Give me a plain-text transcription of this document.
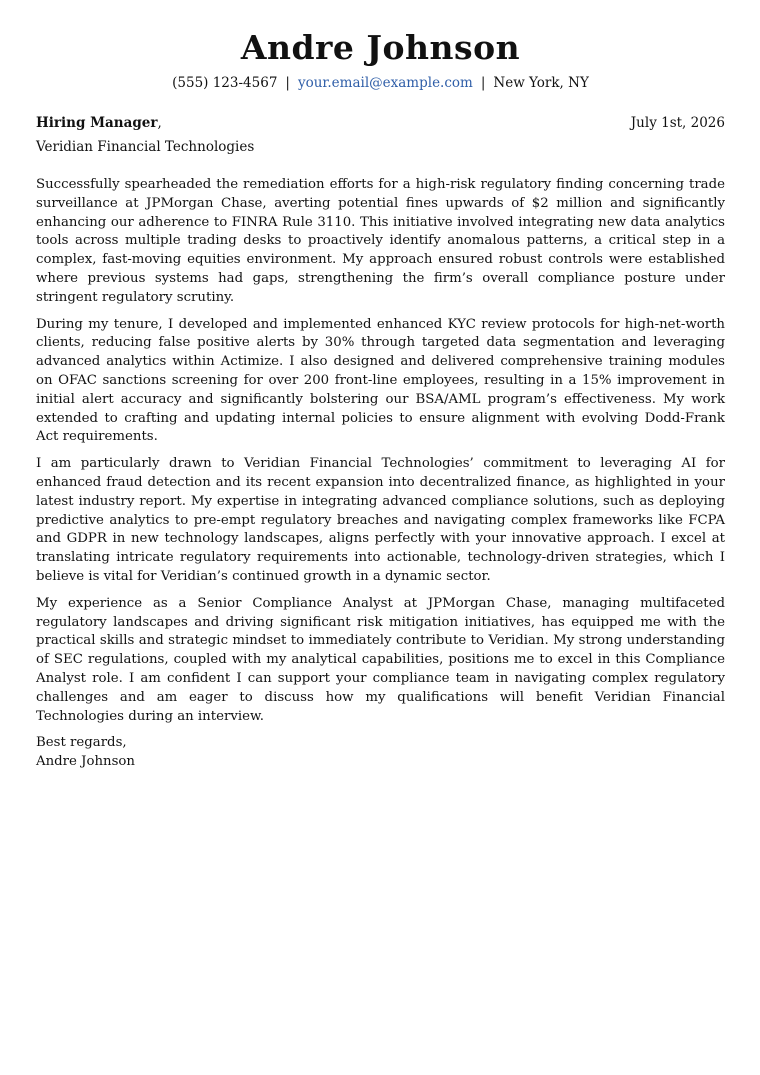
Andre Johnson
(555) 123-4567 | your.email@example.com | New York, NY
Hiring Manager,	July 1st, 2026
Veridian Financial Technologies

Successfully spearheaded the remediation efforts for a high-risk regulatory finding concerning trade surveillance at JPMorgan Chase, averting potential fines upwards of $2 million and significantly enhancing our adherence to FINRA Rule 3110. This initiative involved integrating new data analytics tools across multiple trading desks to proactively identify anomalous patterns, a critical step in a complex, fast-moving equities environment. My approach ensured robust controls were established where previous systems had gaps, strengthening the firm’s overall compliance posture under stringent regulatory scrutiny.

During my tenure, I developed and implemented enhanced KYC review protocols for high-net-worth clients, reducing false positive alerts by 30% through targeted data segmentation and leveraging advanced analytics within Actimize. I also designed and delivered comprehensive training modules on OFAC sanctions screening for over 200 front-line employees, resulting in a 15% improvement in initial alert accuracy and significantly bolstering our BSA/AML program’s effectiveness. My work extended to crafting and updating internal policies to ensure alignment with evolving Dodd-Frank Act requirements.

I am particularly drawn to Veridian Financial Technologies’ commitment to leveraging AI for enhanced fraud detection and its recent expansion into decentralized finance, as highlighted in your latest industry report. My expertise in integrating advanced compliance solutions, such as deploying predictive analytics to pre-empt regulatory breaches and navigating complex frameworks like FCPA and GDPR in new technology landscapes, aligns perfectly with your innovative approach. I excel at translating intricate regulatory requirements into actionable, technology-driven strategies, which I believe is vital for Veridian’s continued growth in a dynamic sector.

My experience as a Senior Compliance Analyst at JPMorgan Chase, managing multifaceted regulatory landscapes and driving significant risk mitigation initiatives, has equipped me with the practical skills and strategic mindset to immediately contribute to Veridian. My strong understanding of SEC regulations, coupled with my analytical capabilities, positions me to excel in this Compliance Analyst role. I am confident I can support your compliance team in navigating complex regulatory challenges and am eager to discuss how my qualifications will benefit Veridian Financial Technologies during an interview.

Best regards,
Andre Johnson
